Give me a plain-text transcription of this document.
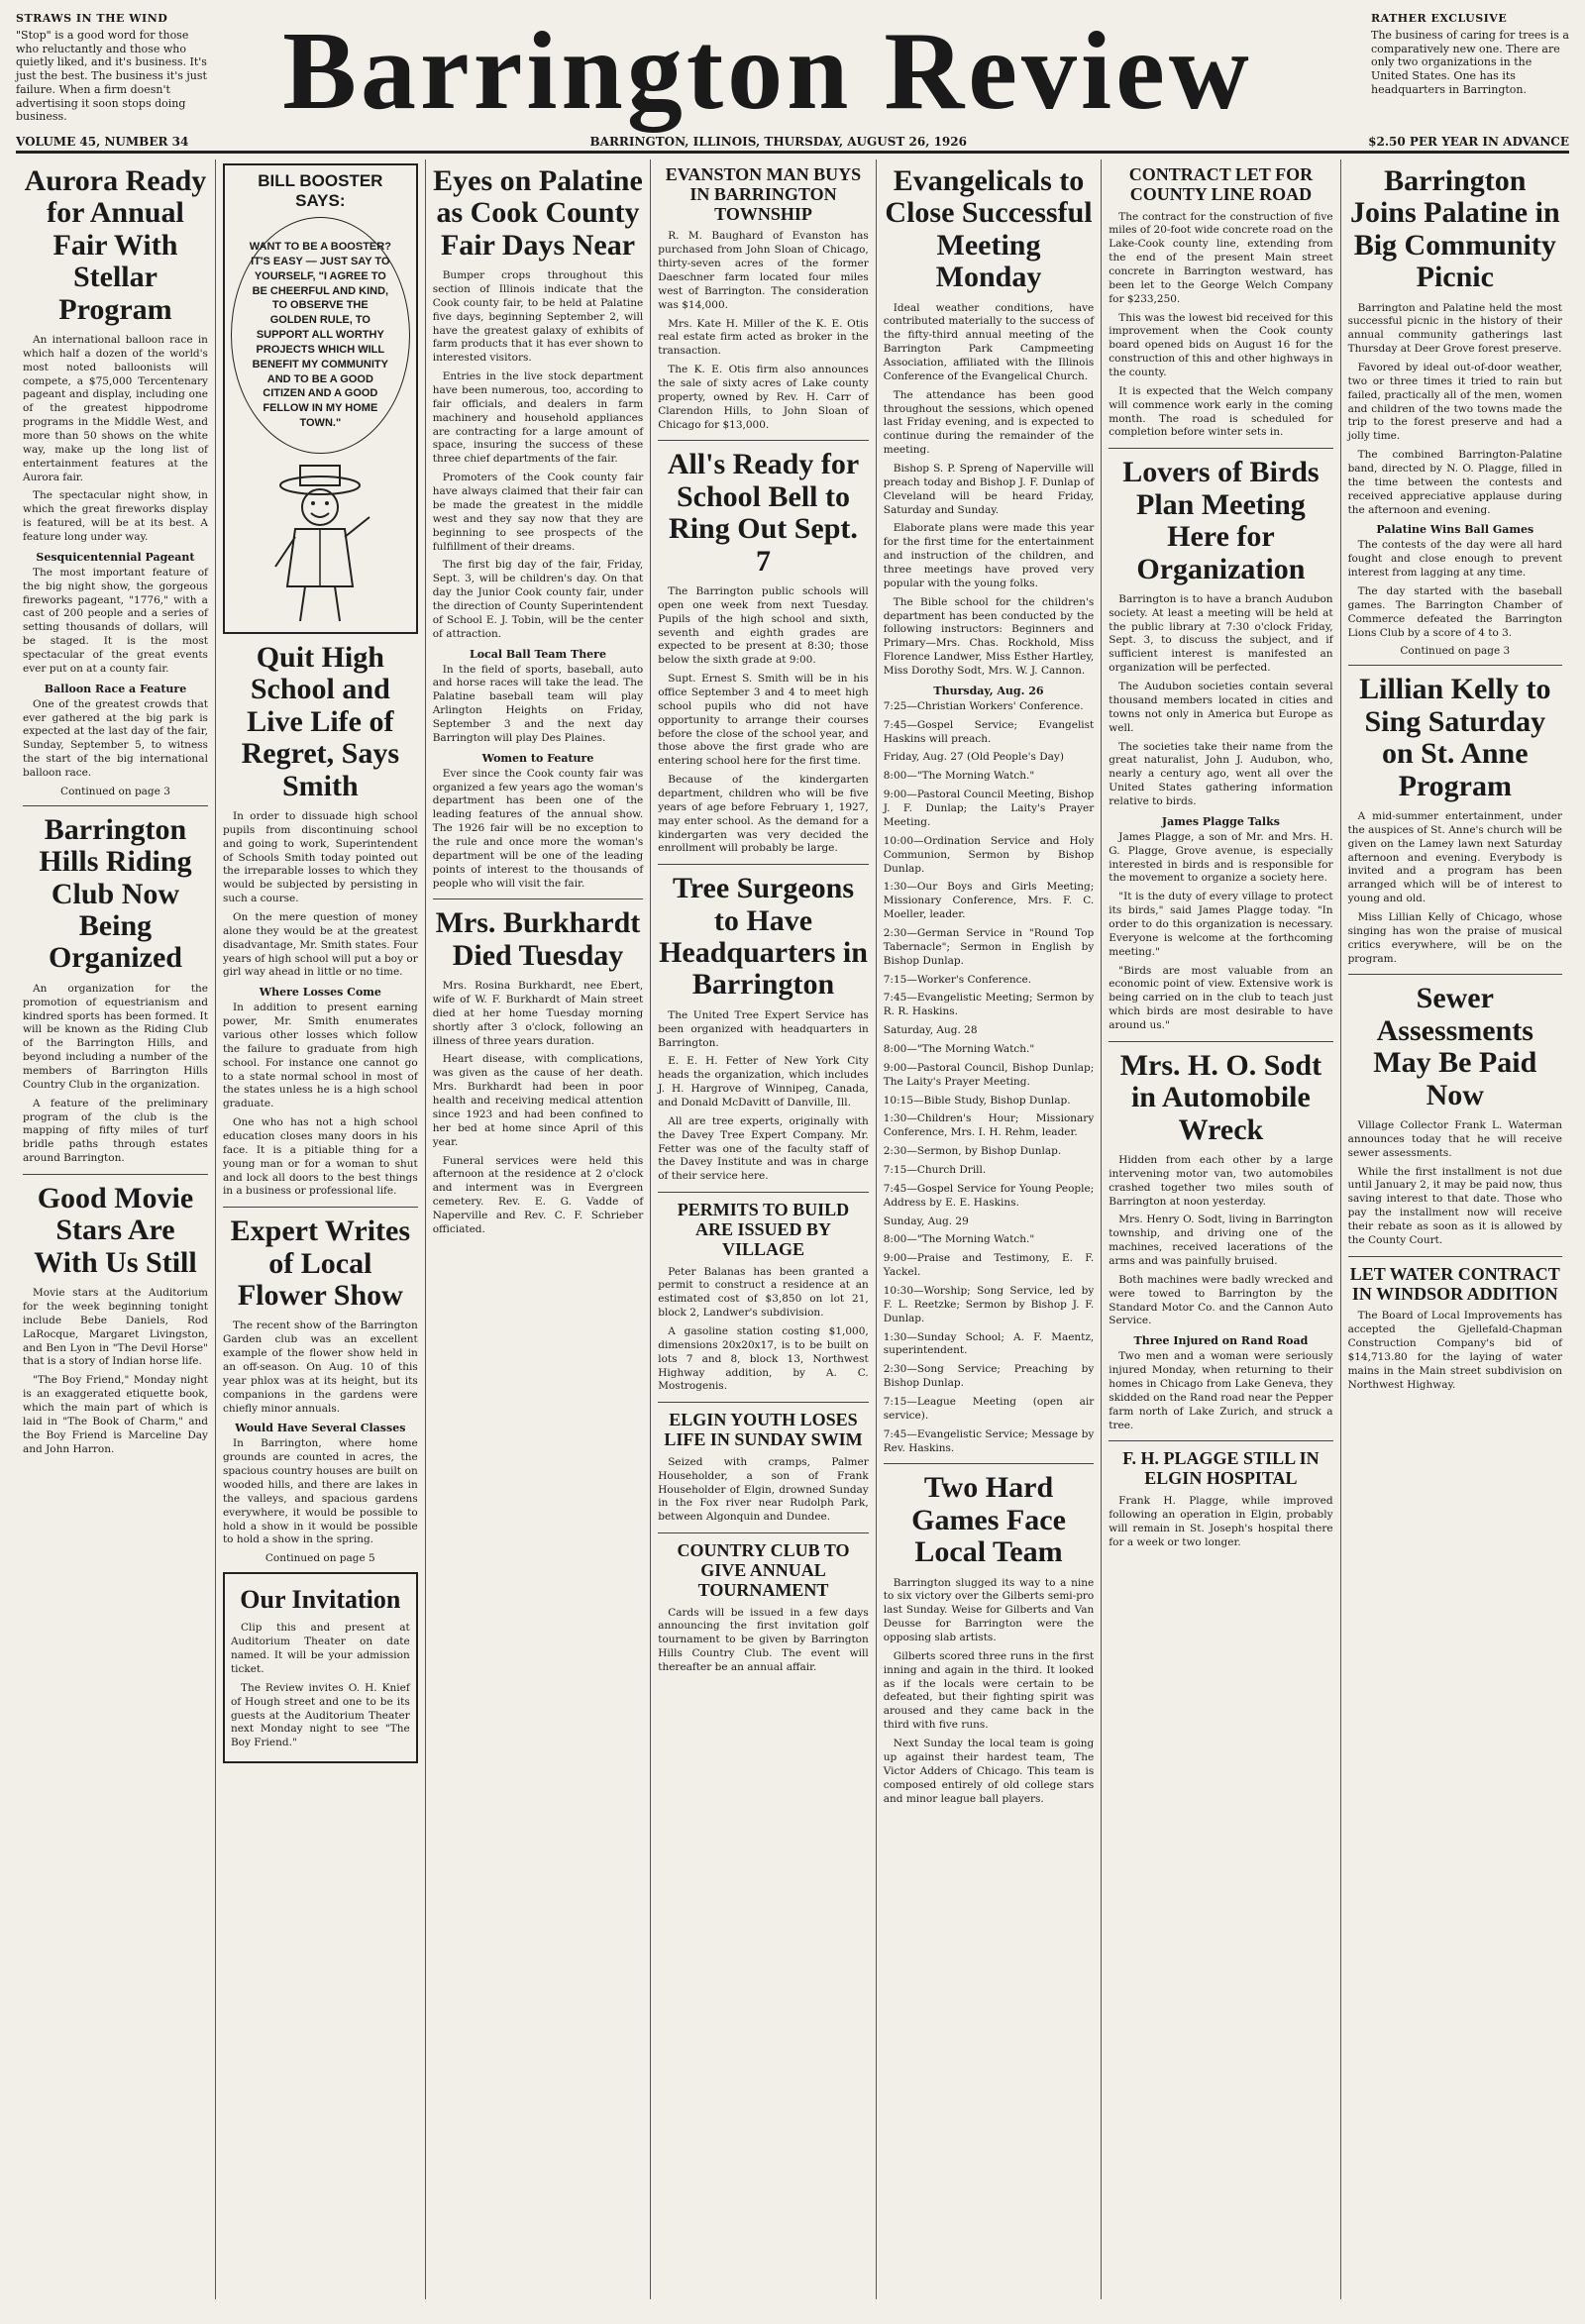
STRAWS IN THE WIND
"Stop" is a good word for those who reluctantly and those who quietly liked, and it's business. It's just the best. The business it's just failure. When a firm doesn't advertising it soon stops doing business.	Barrington Review	RATHER EXCLUSIVE
The business of caring for trees is a comparatively new one. There are only two organizations in the United States. One has its headquarters in Barrington.
VOLUME 45, NUMBER 34	BARRINGTON, ILLINOIS, THURSDAY, AUGUST 26, 1926	$2.50 PER YEAR IN ADVANCE
Aurora Ready for Annual Fair With Stellar Program

An international balloon race in which half a dozen of the world's most noted balloonists will compete, a $75,000 Tercentenary pageant and display, including one of the greatest hippodrome programs in the Middle West, and more than 50 shows on the white way, make up the long list of entertainment features at the Aurora fair.

The spectacular night show, in which the great fireworks display is featured, will be at its best. A feature long under way.

Sesquicentennial Pageant

The most important feature of the big night show, the gorgeous fireworks pageant, "1776," with a cast of 200 people and a series of setting thousands of dollars, will be staged. It is the most spectacular of the great events ever put on at a county fair.

Balloon Race a Feature

One of the greatest crowds that ever gathered at the big park is expected at the last day of the fair, Sunday, September 5, to witness the start of the big international balloon race.

Continued on page 3
Barrington Hills Riding Club Now Being Organized

An organization for the promotion of equestrianism and kindred sports has been formed. It will be known as the Riding Club of the Barrington Hills, and beyond including a number of the members of Barrington Hills Country Club in the organization.

A feature of the preliminary program of the club is the mapping of fifty miles of turf bridle paths through estates around Barrington.

Good Movie Stars Are With Us Still

Movie stars at the Auditorium for the week beginning tonight include Bebe Daniels, Rod LaRocque, Margaret Livingston, and Ben Lyon in "The Devil Horse" that is a story of Indian horse life.

"The Boy Friend," Monday night is an exaggerated etiquette book, which the main part of which is laid in "The Book of Charm," and the Boy Friend is Marceline Day and John Harron.

BILL BOOSTER SAYS:
WANT TO BE A BOOSTER? IT'S EASY — JUST SAY TO YOURSELF, "I AGREE TO BE CHEERFUL AND KIND, TO OBSERVE THE GOLDEN RULE, TO SUPPORT ALL WORTHY PROJECTS WHICH WILL BENEFIT MY COMMUNITY AND TO BE A GOOD CITIZEN AND A GOOD FELLOW IN MY HOME TOWN."
Quit High School and Live Life of Regret, Says Smith

In order to dissuade high school pupils from discontinuing school and going to work, Superintendent of Schools Smith today pointed out the irreparable losses to which they would be subjected by persisting in such a course.

On the mere question of money alone they would be at the greatest disadvantage, Mr. Smith states. Four years of high school will put a boy or girl way ahead in little or no time.

Where Losses Come

In addition to present earning power, Mr. Smith enumerates various other losses which follow the failure to graduate from high school. For instance one cannot go to a state normal school in most of the states unless he is a high school graduate.

One who has not a high school education closes many doors in his face. It is a pitiable thing for a young man or for a woman to shut and lock all doors to the best things in a business or professional life.

Expert Writes of Local Flower Show

The recent show of the Barrington Garden club was an excellent example of the flower show held in an off-season. On Aug. 10 of this year phlox was at its height, but its companions in the gardens were chiefly minor annuals.

Would Have Several Classes

In Barrington, where home grounds are counted in acres, the spacious country houses are built on wooded hills, and there are lakes in the valleys, and spacious gardens everywhere, it would be possible to hold a show in it would be possible to hold a show in the spring.

Continued on page 5
Our Invitation

Clip this and present at Auditorium Theater on date named. It will be your admission ticket.

The Review invites O. H. Knief of Hough street and one to be its guests at the Auditorium Theater next Monday night to see "The Boy Friend."

Eyes on Palatine as Cook County Fair Days Near

Bumper crops throughout this section of Illinois indicate that the Cook county fair, to be held at Palatine five days, beginning September 2, will have the greatest galaxy of exhibits of farm products that it has ever shown to interested visitors.

Entries in the live stock department have been numerous, too, according to fair officials, and dealers in farm machinery and household appliances are contracting for a large amount of space, insuring the success of these three chief departments of the fair.

Promoters of the Cook county fair have always claimed that their fair can be made the greatest in the middle west and they say now that they are beginning to see prospects of the fulfillment of their dreams.

The first big day of the fair, Friday, Sept. 3, will be children's day. On that day the Junior Cook county fair, under the direction of County Superintendent of School E. J. Tobin, will be the center of attraction.

Local Ball Team There

In the field of sports, baseball, auto and horse races will take the lead. The Palatine baseball team will play Arlington Heights on Friday, September 3 and the next day Barrington will play Des Plaines.

Women to Feature

Ever since the Cook county fair was organized a few years ago the woman's department has been one of the leading features of the annual show. The 1926 fair will be no exception to the rule and once more the woman's department will be one of the leading points of interest to the thousands of people who will visit the fair.

Mrs. Burkhardt Died Tuesday

Mrs. Rosina Burkhardt, nee Ebert, wife of W. F. Burkhardt of Main street died at her home Tuesday morning shortly after 3 o'clock, following an illness of three years duration.

Heart disease, with complications, was given as the cause of her death. Mrs. Burkhardt had been in poor health and receiving medical attention since 1923 and had been confined to her bed at home since April of this year.

Funeral services were held this afternoon at the residence at 2 o'clock and interment was in Evergreen cemetery. Rev. E. G. Vadde of Naperville and Rev. C. F. Schrieber officiated.

EVANSTON MAN BUYS IN BARRINGTON TOWNSHIP

R. M. Baughard of Evanston has purchased from John Sloan of Chicago, thirty-seven acres of the former Daeschner farm located four miles west of Barrington. The consideration was $14,000.

Mrs. Kate H. Miller of the K. E. Otis real estate firm acted as broker in the transaction.

The K. E. Otis firm also announces the sale of sixty acres of Lake county property, owned by Rev. H. Carr of Clarendon Hills, to John Sloan of Chicago for $13,000.

All's Ready for School Bell to Ring Out Sept. 7

The Barrington public schools will open one week from next Tuesday. Pupils of the high school and sixth, seventh and eighth grades are expected to be present at 8:30; those below the sixth grade at 9:00.

Supt. Ernest S. Smith will be in his office September 3 and 4 to meet high school pupils who did not have opportunity to arrange their courses before the close of the school year, and those above the first grade who are entering school here for the first time.

Because of the kindergarten department, children who will be five years of age before February 1, 1927, may enter school. As the demand for a kindergarten was very decided the enrollment will probably be large.

Tree Surgeons to Have Headquarters in Barrington

The United Tree Expert Service has been organized with headquarters in Barrington.

E. E. H. Fetter of New York City heads the organization, which includes J. H. Hargrove of Winnipeg, Canada, and Donald McDavitt of Danville, Ill.

All are tree experts, originally with the Davey Tree Expert Company. Mr. Fetter was one of the faculty staff of the Davey Institute and was in charge of their service here.

PERMITS TO BUILD ARE ISSUED BY VILLAGE

Peter Balanas has been granted a permit to construct a residence at an estimated cost of $3,850 on lot 21, block 2, Landwer's subdivision.

A gasoline station costing $1,000, dimensions 20x20x17, is to be built on lots 7 and 8, block 13, Northwest Highway addition, by A. C. Mostrogenis.

ELGIN YOUTH LOSES LIFE IN SUNDAY SWIM

Seized with cramps, Palmer Householder, a son of Frank Householder of Elgin, drowned Sunday in the Fox river near Rudolph Park, between Algonquin and Dundee.

COUNTRY CLUB TO GIVE ANNUAL TOURNAMENT

Cards will be issued in a few days announcing the first invitation golf tournament to be given by Barrington Hills Country Club. The event will thereafter be an annual affair.

Evangelicals to Close Successful Meeting Monday

Ideal weather conditions, have contributed materially to the success of the fifty-third annual meeting of the Barrington Park Campmeeting Association, affiliated with the Illinois Conference of the Evangelical Church.

The attendance has been good throughout the sessions, which opened last Friday evening, and is expected to continue during the remainder of the meeting.

Bishop S. P. Spreng of Naperville will preach today and Bishop J. F. Dunlap of Cleveland will be heard Friday, Saturday and Sunday.

Elaborate plans were made this year for the first time for the entertainment and instruction of the children, and three meetings have proved very popular with the young folks.

The Bible school for the children's department has been conducted by the following instructors: Beginners and Primary—Mrs. Chas. Rockhold, Miss Florence Landwer, Miss Esther Hartley, Miss Dorothy Sodt, Mrs. W. J. Cannon.

Thursday, Aug. 26

7:25—Christian Workers' Conference.

7:45—Gospel Service; Evangelist Haskins will preach.

Friday, Aug. 27 (Old People's Day)

8:00—"The Morning Watch."

9:00—Pastoral Council Meeting, Bishop J. F. Dunlap; the Laity's Prayer Meeting.

10:00—Ordination Service and Holy Communion, Sermon by Bishop Dunlap.

1:30—Our Boys and Girls Meeting; Missionary Conference, Mrs. F. C. Moeller, leader.

2:30—German Service in "Round Top Tabernacle"; Sermon in English by Bishop Dunlap.

7:15—Worker's Conference.

7:45—Evangelistic Meeting; Sermon by R. R. Haskins.

Saturday, Aug. 28

8:00—"The Morning Watch."

9:00—Pastoral Council, Bishop Dunlap; The Laity's Prayer Meeting.

10:15—Bible Study, Bishop Dunlap.

1:30—Children's Hour; Missionary Conference, Mrs. I. H. Rehm, leader.

2:30—Sermon, by Bishop Dunlap.

7:15—Church Drill.

7:45—Gospel Service for Young People; Address by E. E. Haskins.

Sunday, Aug. 29

8:00—"The Morning Watch."

9:00—Praise and Testimony, E. F. Yackel.

10:30—Worship; Song Service, led by F. L. Reetzke; Sermon by Bishop J. F. Dunlap.

1:30—Sunday School; A. F. Maentz, superintendent.

2:30—Song Service; Preaching by Bishop Dunlap.

7:15—League Meeting (open air service).

7:45—Evangelistic Service; Message by Rev. Haskins.

Two Hard Games Face Local Team

Barrington slugged its way to a nine to six victory over the Gilberts semi-pro last Sunday. Weise for Gilberts and Van Deusse for Barrington were the opposing slab artists.

Gilberts scored three runs in the first inning and again in the third. It looked as if the locals were certain to be defeated, but their fighting spirit was aroused and they came back in the third with five runs.

Next Sunday the local team is going up against their hardest team, The Victor Adders of Chicago. This team is composed entirely of old college stars and minor league ball players.

CONTRACT LET FOR COUNTY LINE ROAD

The contract for the construction of five miles of 20-foot wide concrete road on the Lake-Cook county line, extending from the end of the present Main street concrete in Barrington westward, has been let to the George Welch Company for $233,250.

This was the lowest bid received for this improvement when the Cook county board opened bids on August 16 for the construction of this and other highways in the county.

It is expected that the Welch company will commence work early in the coming month. The road is scheduled for completion before winter sets in.

Lovers of Birds Plan Meeting Here for Organization

Barrington is to have a branch Audubon society. At least a meeting will be held at the public library at 7:30 o'clock Friday, Sept. 3, to discuss the subject, and if sufficient interest is manifested an organization will be perfected.

The Audubon societies contain several thousand members located in cities and towns not only in America but Europe as well.

The societies take their name from the great naturalist, John J. Audubon, who, nearly a century ago, went all over the United States gathering information relative to birds.

James Plagge Talks

James Plagge, a son of Mr. and Mrs. H. G. Plagge, Grove avenue, is especially interested in birds and is responsible for the movement to organize a society here.

"It is the duty of every village to protect its birds," said James Plagge today. "In order to do this organization is necessary. Everyone is welcome at the forthcoming meeting."

"Birds are most valuable from an economic point of view. Extensive work is being carried on in the club to teach just which birds are most desirable to have around us."

Mrs. H. O. Sodt in Automobile Wreck

Hidden from each other by a large intervening motor van, two automobiles crashed together two miles south of Barrington at noon yesterday.

Mrs. Henry O. Sodt, living in Barrington township, and driving one of the machines, received lacerations of the arms and was painfully bruised.

Both machines were badly wrecked and were towed to Barrington by the Standard Motor Co. and the Cannon Auto Service.

Three Injured on Rand Road

Two men and a woman were seriously injured Monday, when returning to their homes in Chicago from Lake Geneva, they skidded on the Rand road near the Pepper farm north of Lake Zurich, and struck a tree.

F. H. PLAGGE STILL IN ELGIN HOSPITAL

Frank H. Plagge, while improved following an operation in Elgin, probably will remain in St. Joseph's hospital there for a week or two longer.

Barrington Joins Palatine in Big Community Picnic

Barrington and Palatine held the most successful picnic in the history of their annual community gatherings last Thursday at Deer Grove forest preserve.

Favored by ideal out-of-door weather, two or three times it tried to rain but failed, practically all of the men, women and children of the two towns made the trip to the forest preserve and had a jolly time.

The combined Barrington-Palatine band, directed by N. O. Plagge, filled in the time between the contests and received appreciative applause during the afternoon and evening.

Palatine Wins Ball Games

The contests of the day were all hard fought and close enough to prevent interest from lagging at any time.

The day started with the baseball games. The Barrington Chamber of Commerce defeated the Barrington Lions Club by a score of 4 to 3.

Continued on page 3
Lillian Kelly to Sing Saturday on St. Anne Program

A mid-summer entertainment, under the auspices of St. Anne's church will be given on the Lamey lawn next Saturday afternoon and evening. Everybody is invited and a program has been arranged which will be of interest to young and old.

Miss Lillian Kelly of Chicago, whose singing has won the praise of musical critics everywhere, will be on the program.

Sewer Assessments May Be Paid Now

Village Collector Frank L. Waterman announces today that he will receive sewer assessments.

While the first installment is not due until January 2, it may be paid now, thus saving interest to that date. Those who pay the installment now will receive their rebate as soon as it is allowed by the County Court.

LET WATER CONTRACT IN WINDSOR ADDITION

The Board of Local Improvements has accepted the Gjellefald-Chapman Construction Company's bid of $14,713.80 for the laying of water mains in the Main street subdivision on Northwest Highway.
